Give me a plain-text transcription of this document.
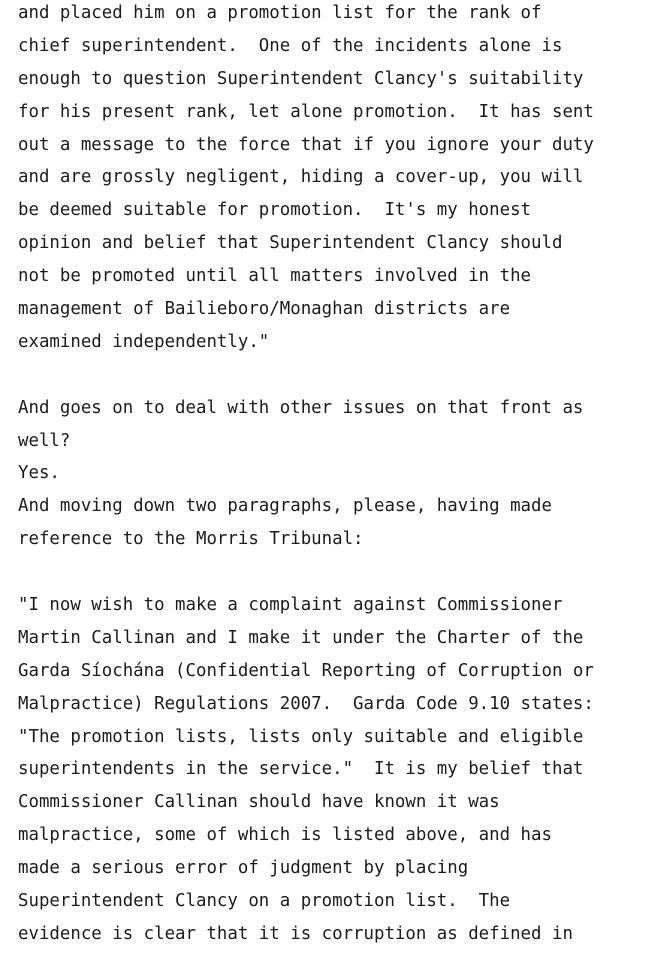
and placed him on a promotion list for the rank of
chief superintendent.  One of the incidents alone is
enough to question Superintendent Clancy's suitability
for his present rank, let alone promotion.  It has sent
out a message to the force that if you ignore your duty
and are grossly negligent, hiding a cover-up, you will
be deemed suitable for promotion.  It's my honest
opinion and belief that Superintendent Clancy should
not be promoted until all matters involved in the
management of Bailieboro/Monaghan districts are
examined independently."
And goes on to deal with other issues on that front as
well?
Yes.
And moving down two paragraphs, please, having made
reference to the Morris Tribunal:
"I now wish to make a complaint against Commissioner
Martin Callinan and I make it under the Charter of the
Garda Síochána (Confidential Reporting of Corruption or
Malpractice) Regulations 2007.  Garda Code 9.10 states:
"The promotion lists, lists only suitable and eligible
superintendents in the service."  It is my belief that
Commissioner Callinan should have known it was
malpractice, some of which is listed above, and has
made a serious error of judgment by placing
Superintendent Clancy on a promotion list.  The
evidence is clear that it is corruption as defined in
